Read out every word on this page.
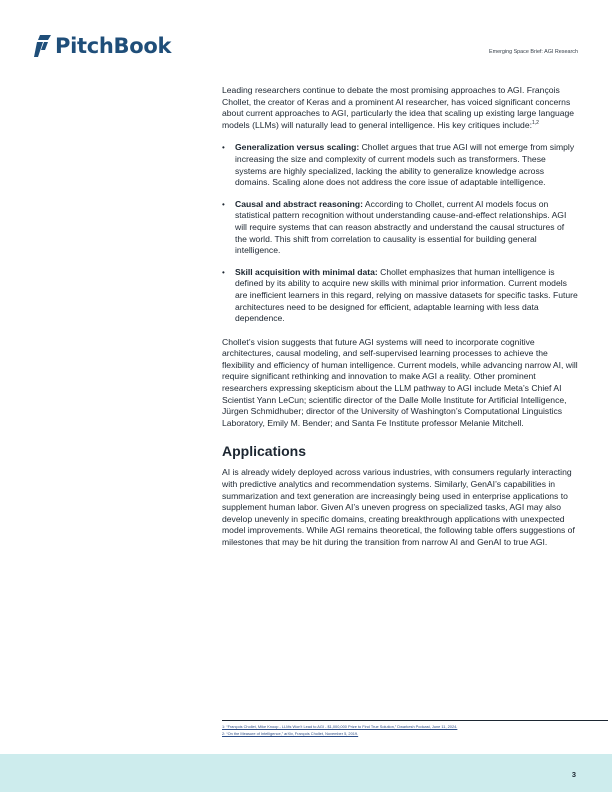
PitchBook	Emerging Space Brief: AGI Research

Leading researchers continue to debate the most promising approaches to AGI. François Chollet, the creator of Keras and a prominent AI researcher, has voiced significant concerns about current approaches to AGI, particularly the idea that scaling up existing large language models (LLMs) will naturally lead to general intelligence. His key critiques include:$^{1,2}$

• Generalization versus scaling: Chollet argues that true AGI will not emerge from simply increasing the size and complexity of current models such as transformers. These systems are highly specialized, lacking the ability to generalize knowledge across domains. Scaling alone does not address the core issue of adaptable intelligence.
• Causal and abstract reasoning: According to Chollet, current AI models focus on statistical pattern recognition without understanding cause-and-effect relationships. AGI will require systems that can reason abstractly and understand the causal structures of the world. This shift from correlation to causality is essential for building general intelligence.
• Skill acquisition with minimal data: Chollet emphasizes that human intelligence is defined by its ability to acquire new skills with minimal prior information. Current models are inefficient learners in this regard, relying on massive datasets for specific tasks. Future architectures need to be designed for efficient, adaptable learning with less data dependence.

Chollet’s vision suggests that future AGI systems will need to incorporate cognitive architectures, causal modeling, and self-supervised learning processes to achieve the flexibility and efficiency of human intelligence. Current models, while advancing narrow AI, will require significant rethinking and innovation to make AGI a reality. Other prominent researchers expressing skepticism about the LLM pathway to AGI include Meta’s Chief AI Scientist Yann LeCun; scientific director of the Dalle Molle Institute for Artificial Intelligence, Jürgen Schmidhuber; director of the University of Washington’s Computational Linguistics Laboratory, Emily M. Bender; and Santa Fe Institute professor Melanie Mitchell.

Applications

AI is already widely deployed across various industries, with consumers regularly interacting with predictive analytics and recommendation systems. Similarly, GenAI’s capabilities in summarization and text generation are increasingly being used in enterprise applications to supplement human labor. Given AI’s uneven progress on specialized tasks, AGI may also develop unevenly in specific domains, creating breakthrough applications with unexpected model improvements. While AGI remains theoretical, the following table offers suggestions of milestones that may be hit during the transition from narrow AI and GenAI to true AGI.

1: “François Chollet, Mike Knoop - LLMs Won’t Lead to AGI - $1,000,000 Prize to Find True Solution,” Dwarkesh Podcast, June 11, 2024.
2: “On the Measure of Intelligence,” arXiv, François Chollet, November 5, 2019.
3
